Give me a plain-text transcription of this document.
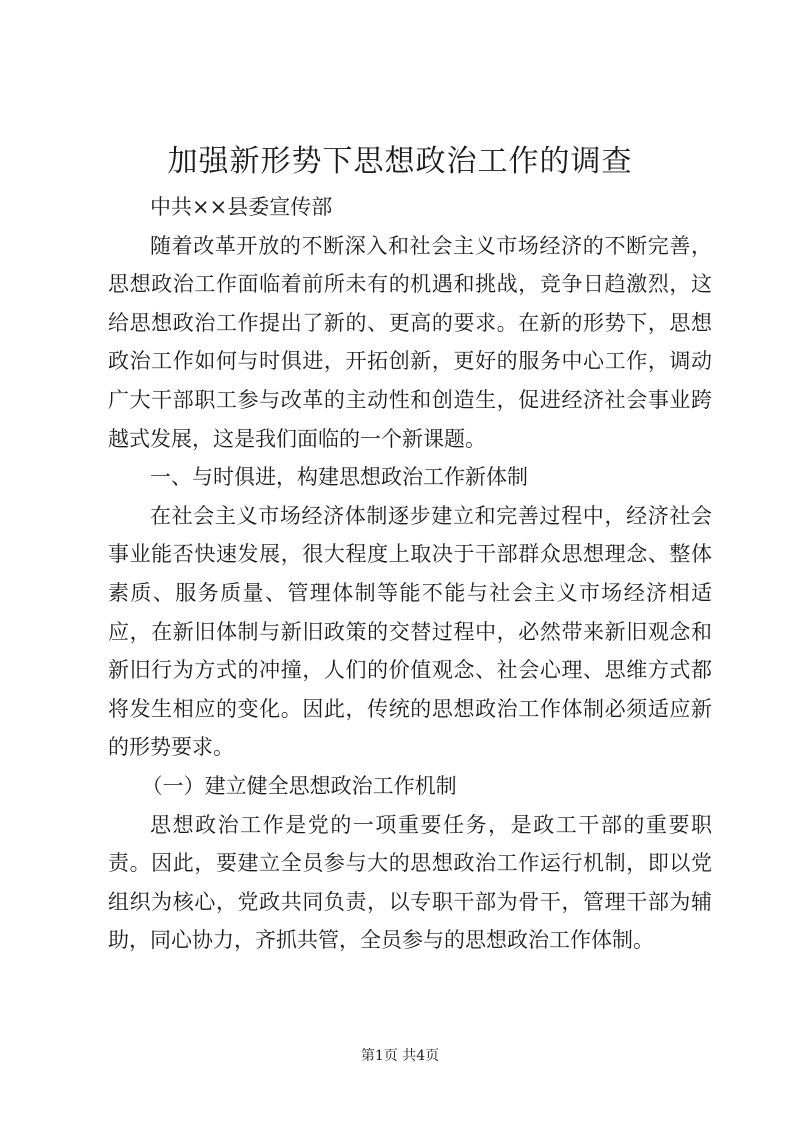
加强新形势下思想政治工作的调查

中共××县委宣传部

随着改革开放的不断深入和社会主义市场经济的不断完善，思想政治工作面临着前所未有的机遇和挑战，竞争日趋激烈，这给思想政治工作提出了新的、更高的要求。在新的形势下，思想政治工作如何与时俱进，开拓创新，更好的服务中心工作，调动广大干部职工参与改革的主动性和创造生，促进经济社会事业跨越式发展，这是我们面临的一个新课题。

一、与时俱进，构建思想政治工作新体制

在社会主义市场经济体制逐步建立和完善过程中，经济社会事业能否快速发展，很大程度上取决于干部群众思想理念、整体素质、服务质量、管理体制等能不能与社会主义市场经济相适应，在新旧体制与新旧政策的交替过程中，必然带来新旧观念和新旧行为方式的冲撞，人们的价值观念、社会心理、思维方式都将发生相应的变化。因此，传统的思想政治工作体制必须适应新的形势要求。

（一）建立健全思想政治工作机制

思想政治工作是党的一项重要任务，是政工干部的重要职责。因此，要建立全员参与大的思想政治工作运行机制，即以党组织为核心，党政共同负责，以专职干部为骨干，管理干部为辅助，同心协力，齐抓共管，全员参与的思想政治工作体制。

第1页 共4页
